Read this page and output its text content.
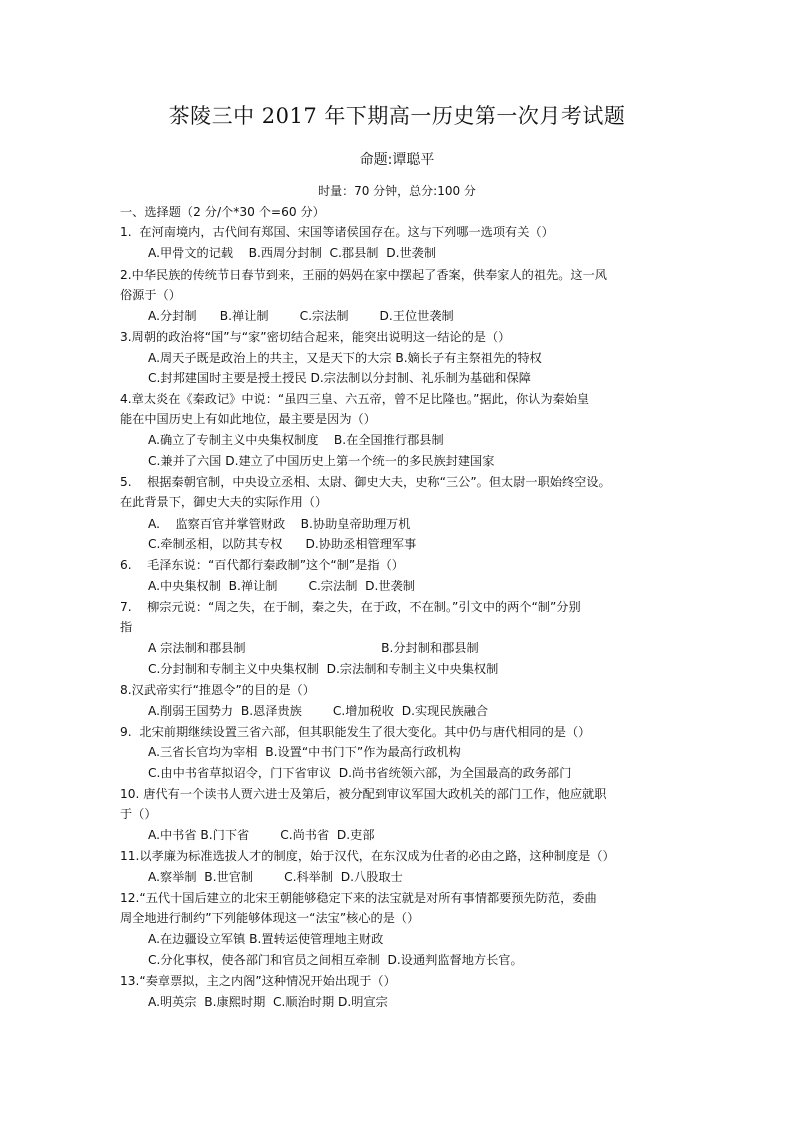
茶陵三中 2017 年下期高一历史第一次月考试题

命题:谭聪平

时量：70 分钟，总分:100 分

一、选择题（2 分/个*30 个=60 分）

1.  在河南境内，古代间有郑国、宋国等诸侯国存在。这与下列哪一选项有关（）

A.甲骨文的记载    B.西周分封制  C.郡县制  D.世袭制

2.中华民族的传统节日春节到来，王丽的妈妈在家中摆起了香案，供奉家人的祖先。这一风

俗源于（）

A.分封制      B.禅让制        C.宗法制        D.王位世袭制

3.周朝的政治将“国”与“家”密切结合起来，能突出说明这一结论的是（）

A.周天子既是政治上的共主，又是天下的大宗 B.嫡长子有主祭祖先的特权

C.封邦建国时主要是授土授民 D.宗法制以分封制、礼乐制为基础和保障

4.章太炎在《秦政记》中说：“虽四三皇、六五帝，曾不足比隆也。”据此，你认为秦始皇

能在中国历史上有如此地位，最主要是因为（）

A.确立了专制主义中央集权制度    B.在全国推行郡县制

C.兼并了六国 D.建立了中国历史上第一个统一的多民族封建国家

5.    根据秦朝官制，中央设立丞相、太尉、御史大夫，史称“三公”。但太尉一职始终空设。

在此背景下，御史大夫的实际作用（）

A.    监察百官并掌管财政    B.协助皇帝助理万机

C.牵制丞相，以防其专权      D.协助丞相管理军事

6.    毛泽东说：“百代都行秦政制”这个“制”是指（）

A.中央集权制  B.禅让制        C.宗法制  D.世袭制

7.    柳宗元说：“周之失，在于制，秦之失，在于政，不在制。”引文中的两个“制”分别

指

A 宗法制和郡县制                                   B.分封制和郡县制

C.分封制和专制主义中央集权制  D.宗法制和专制主义中央集权制

8.汉武帝实行“推恩令”的目的是（）

A.削弱王国势力  B.恩泽贵族        C.增加税收  D.实现民族融合

9.  北宋前期继续设置三省六部，但其职能发生了很大变化。其中仍与唐代相同的是（）

A.三省长官均为宰相  B.设置“中书门下”作为最高行政机构

C.由中书省草拟诏令，门下省审议  D.尚书省统领六部，为全国最高的政务部门

10. 唐代有一个读书人贾六进士及第后，被分配到审议军国大政机关的部门工作，他应就职

于（）

A.中书省 B.门下省        C.尚书省  D.吏部

11.以孝廉为标准选拔人才的制度，始于汉代，在东汉成为仕者的必由之路，这种制度是（）

A.察举制  B.世官制        C.科举制  D.八股取士

12.“五代十国后建立的北宋王朝能够稳定下来的法宝就是对所有事情都要预先防范，委曲

周全地进行制约”下列能够体现这一“法宝”核心的是（）

A.在边疆设立军镇 B.置转运使管理地主财政

C.分化事权，使各部门和官员之间相互牵制  D.设通判监督地方长官。

13.“奏章票拟，主之内阁”这种情况开始出现于（）

A.明英宗  B.康熙时期  C.顺治时期 D.明宣宗
